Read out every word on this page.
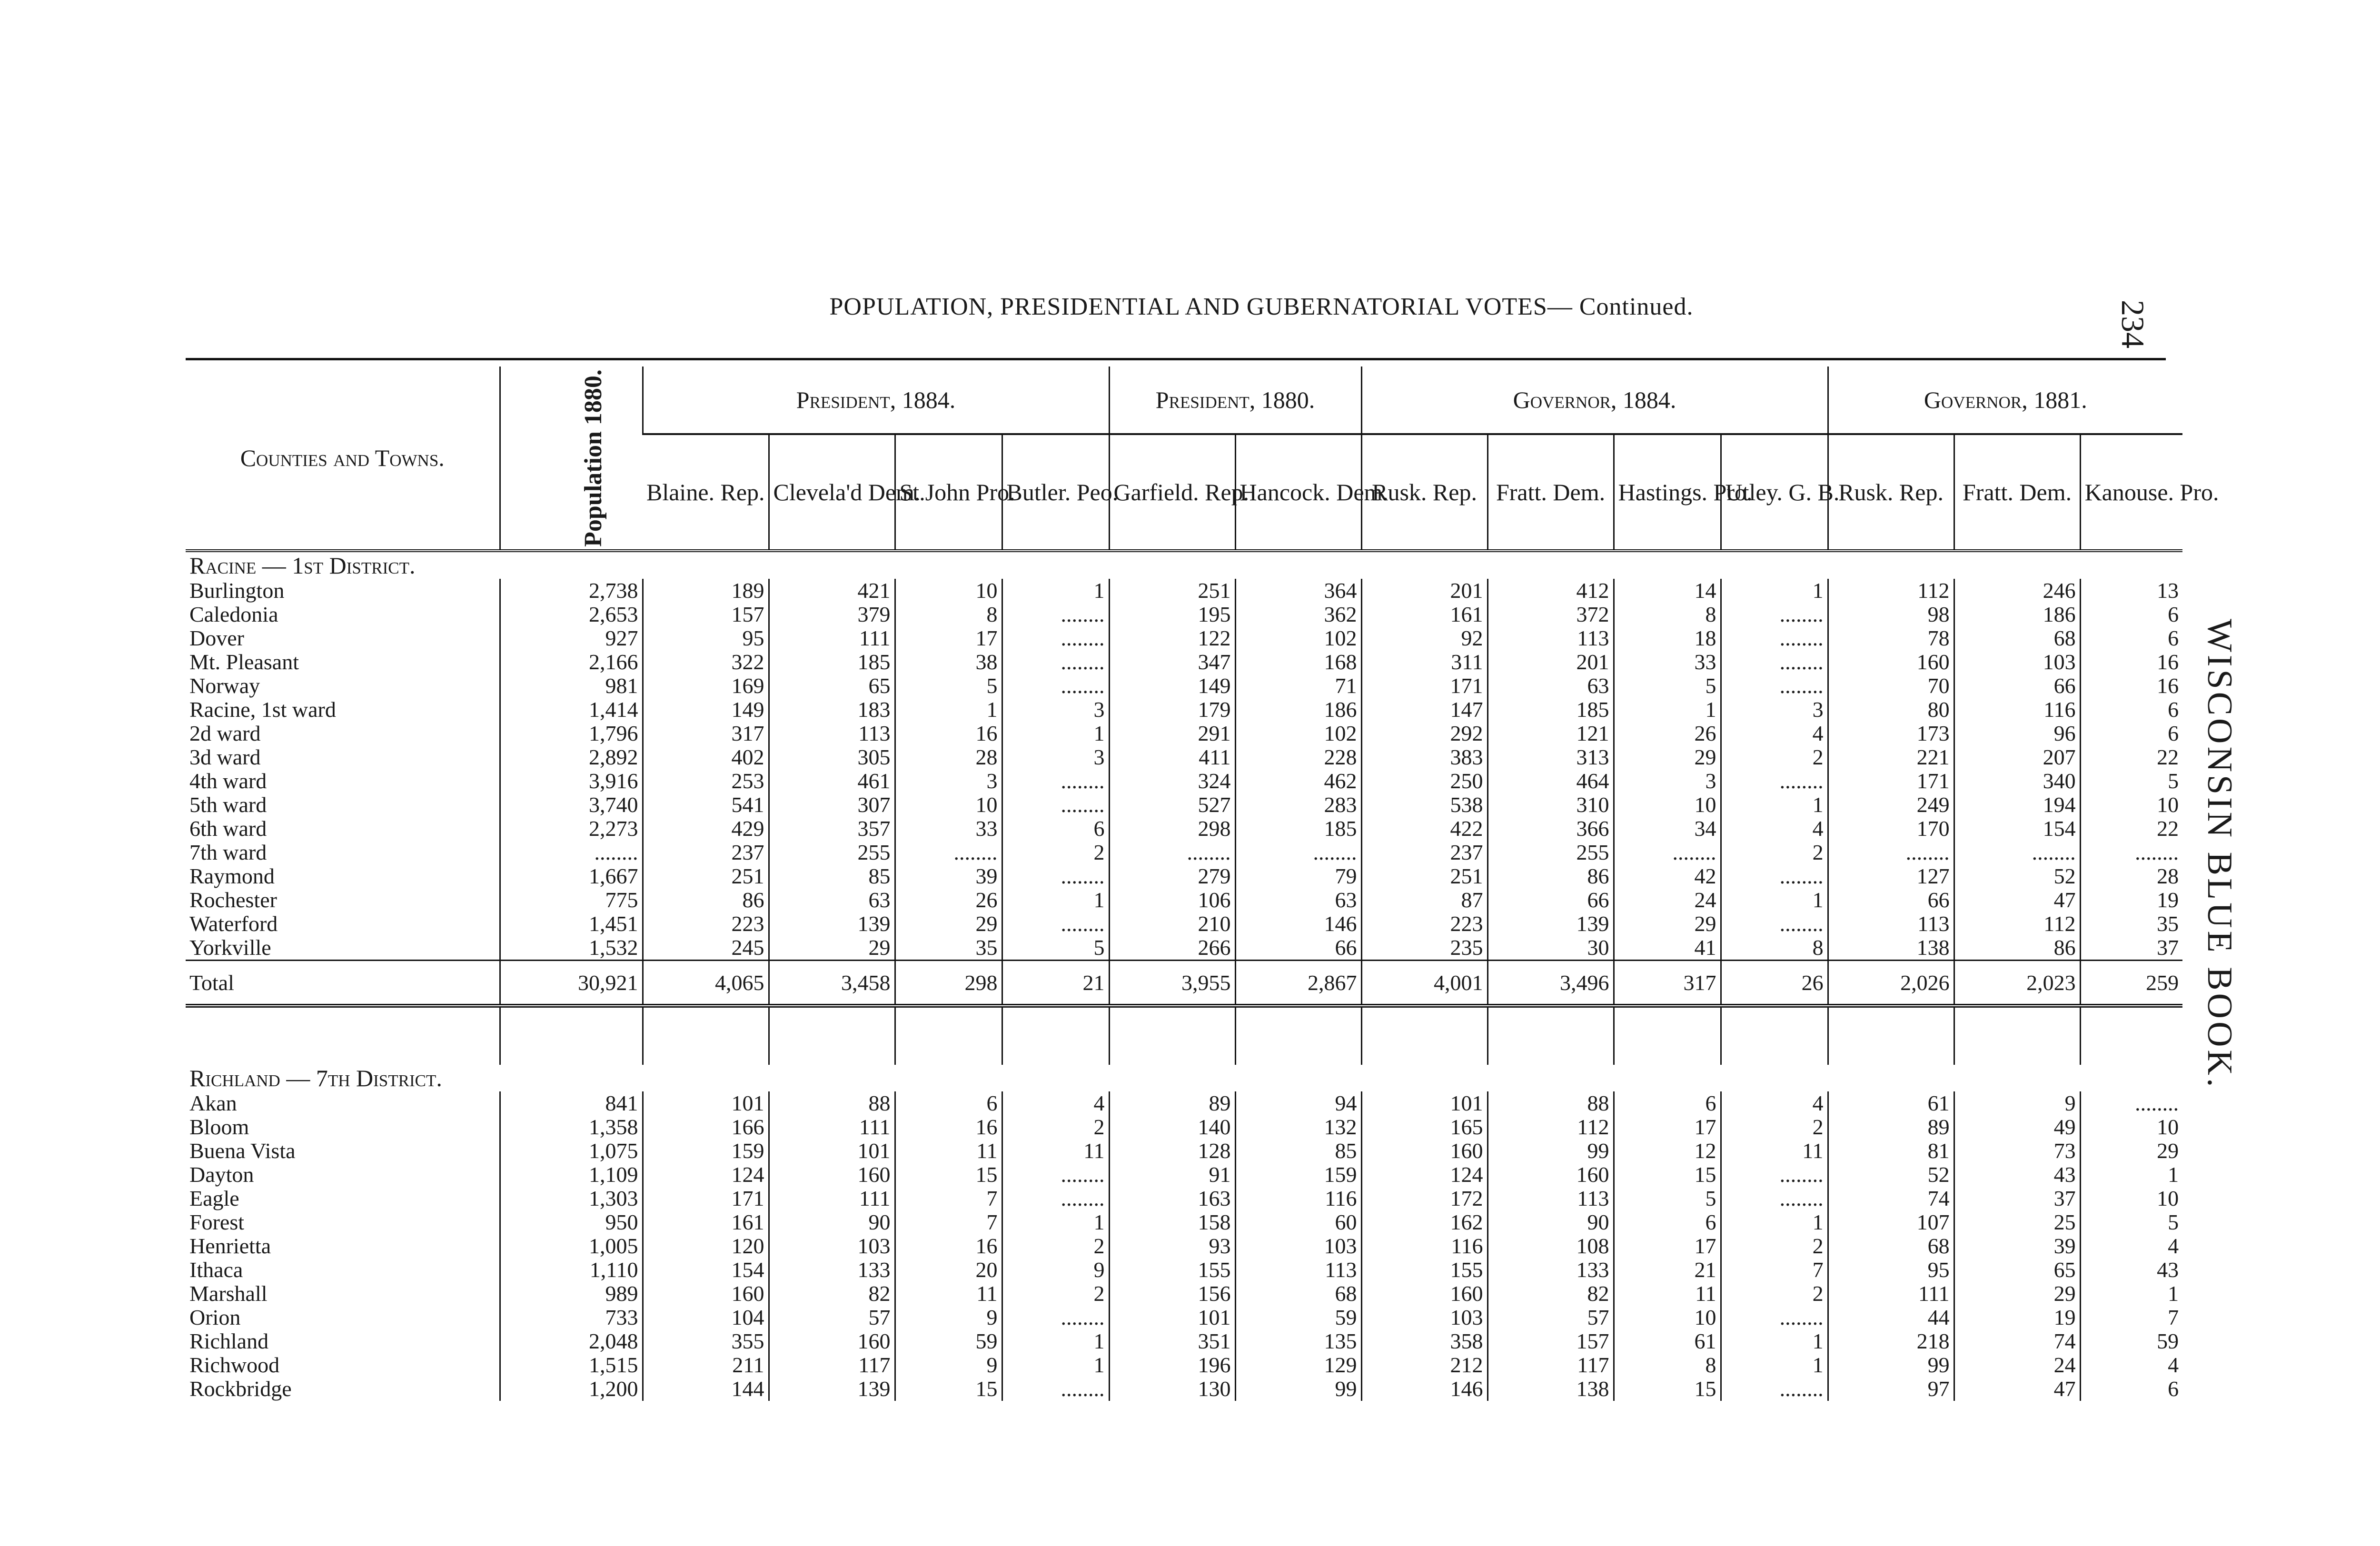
POPULATION, PRESIDENTIAL AND GUBERNATORIAL VOTES— Continued.	234
WISCONSIN BLUE BOOK.
Counties and Towns.	Population 1880.	President, 1884.				President, 1880.		Governor, 1884.				Governor, 1881.		
		Blaine. Rep.	Clevela'd Dem.	St.John Pro.	Butler. Peo.	Garfield. Rep.	Hancock. Dem.	Rusk. Rep.	Fratt. Dem.	Hastings. Pro.	Utley. G. B.	Rusk. Rep.	Fratt. Dem.	Kanouse. Pro.
Racine — 1st District.														
Burlington	2,738	189	421	10	1	251	364	201	412	14	1	112	246	13
Caledonia	2,653	157	379	8	........	195	362	161	372	8	........	98	186	6
Dover	927	95	111	17	........	122	102	92	113	18	........	78	68	6
Mt. Pleasant	2,166	322	185	38	........	347	168	311	201	33	........	160	103	16
Norway	981	169	65	5	........	149	71	171	63	5	........	70	66	16
Racine, 1st ward	1,414	149	183	1	3	179	186	147	185	1	3	80	116	6
2d ward	1,796	317	113	16	1	291	102	292	121	26	4	173	96	6
3d ward	2,892	402	305	28	3	411	228	383	313	29	2	221	207	22
4th ward	3,916	253	461	3	........	324	462	250	464	3	........	171	340	5
5th ward	3,740	541	307	10	........	527	283	538	310	10	1	249	194	10
6th ward	2,273	429	357	33	6	298	185	422	366	34	4	170	154	22
7th ward	........	237	255	........	2	........	........	237	255	........	2	........	........	........
Raymond	1,667	251	85	39	........	279	79	251	86	42	........	127	52	28
Rochester	775	86	63	26	1	106	63	87	66	24	1	66	47	19
Waterford	1,451	223	139	29	........	210	146	223	139	29	........	113	112	35
Yorkville	1,532	245	29	35	5	266	66	235	30	41	8	138	86	37
Total	30,921	4,065	3,458	298	21	3,955	2,867	4,001	3,496	317	26	2,026	2,023	259

Richland — 7th District.														
Akan	841	101	88	6	4	89	94	101	88	6	4	61	9	........
Bloom	1,358	166	111	16	2	140	132	165	112	17	2	89	49	10
Buena Vista	1,075	159	101	11	11	128	85	160	99	12	11	81	73	29
Dayton	1,109	124	160	15	........	91	159	124	160	15	........	52	43	1
Eagle	1,303	171	111	7	........	163	116	172	113	5	........	74	37	10
Forest	950	161	90	7	1	158	60	162	90	6	1	107	25	5
Henrietta	1,005	120	103	16	2	93	103	116	108	17	2	68	39	4
Ithaca	1,110	154	133	20	9	155	113	155	133	21	7	95	65	43
Marshall	989	160	82	11	2	156	68	160	82	11	2	111	29	1
Orion	733	104	57	9	........	101	59	103	57	10	........	44	19	7
Richland	2,048	355	160	59	1	351	135	358	157	61	1	218	74	59
Richwood	1,515	211	117	9	1	196	129	212	117	8	1	99	24	4
Rockbridge	1,200	144	139	15	........	130	99	146	138	15	........	97	47	6
